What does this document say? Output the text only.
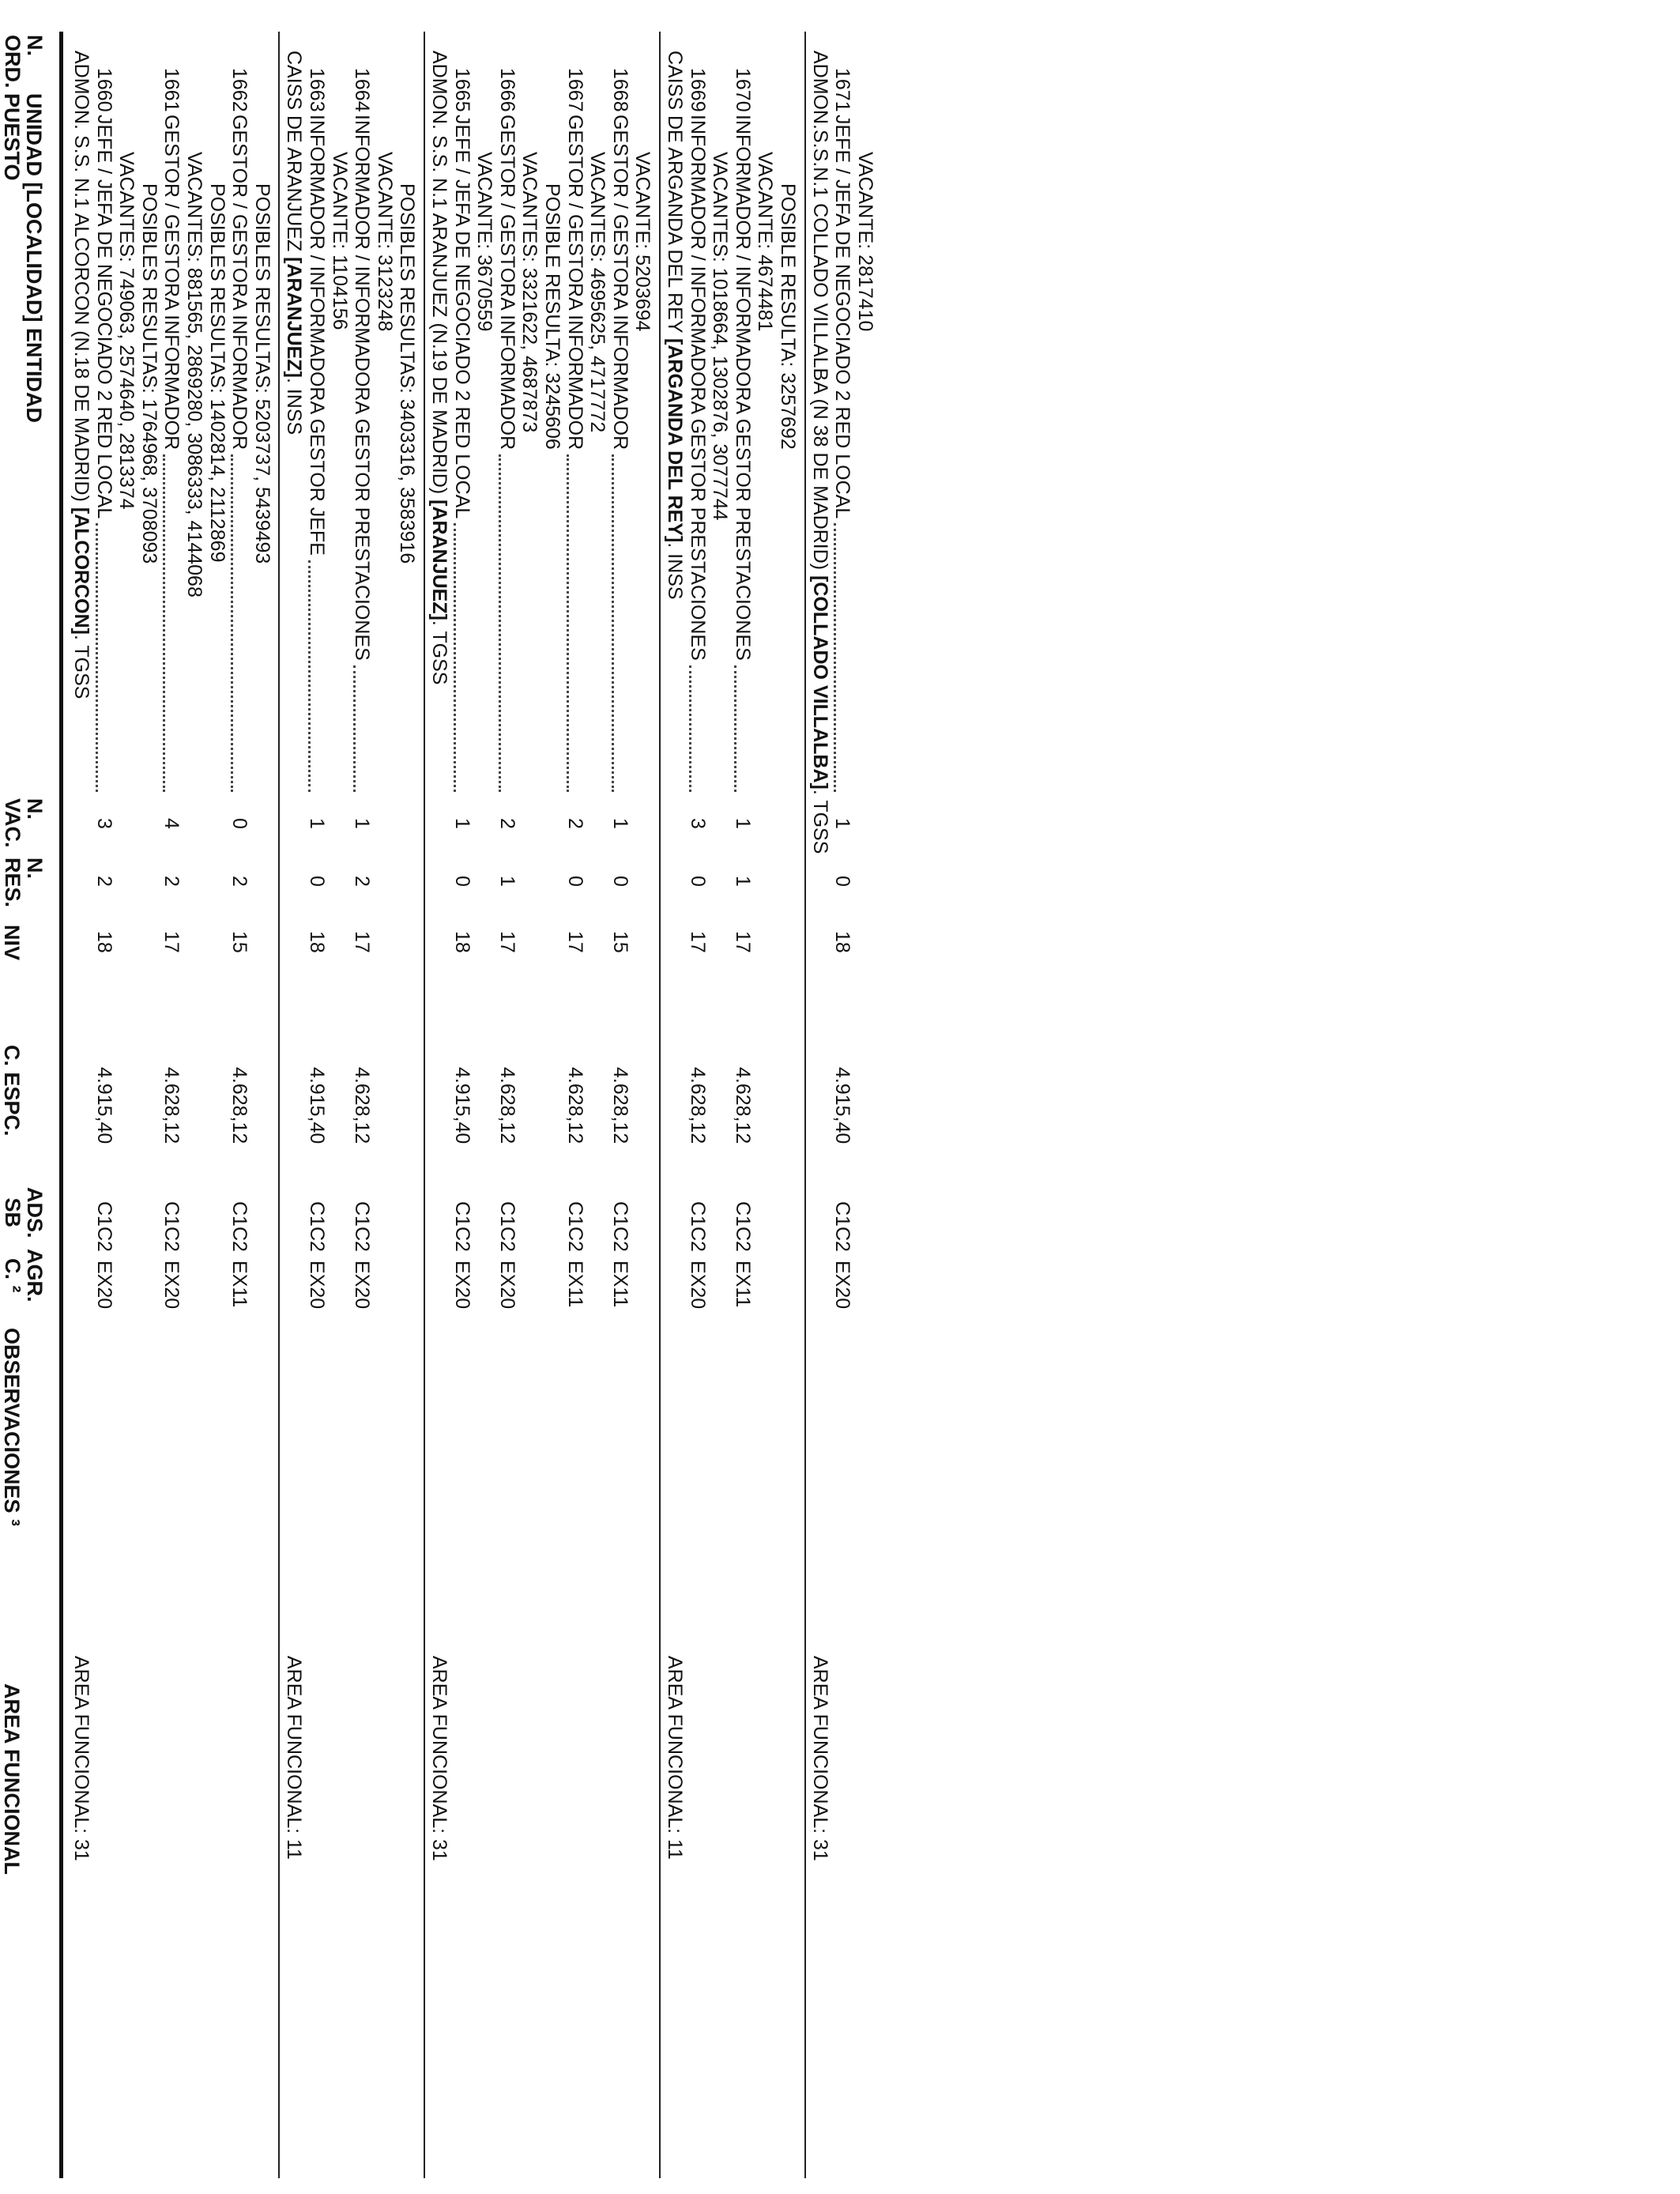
N.
ORD.
UNIDAD [LOCALIDAD] ENTIDAD
PUESTO
N.
VAC.
N.
RES.
NIV
C. ESPC.
ADS.
SB
AGR.
C. ²
OBSERVACIONES ³
AREA FUNCIONAL
ADMON. S.S. N.1 ALCORCON (N.18 DE MADRID) [ALCORCON]. TGSS
AREA FUNCIONAL: 31
1660
JEFE / JEFA DE NEGOCIADO 2 RED LOCAL
3
2
18
4.915,40
C1C2
EX20
VACANTES: 749063, 2574640, 2813374 POSIBLES RESULTAS: 1764968, 3708093
1661
GESTOR / GESTORA INFORMADOR
4
2
17
4.628,12
C1C2
EX20
VACANTES: 881565, 2869280, 3086333, 4144068 POSIBLES RESULTAS: 1402814, 2112869
1662
GESTOR / GESTORA INFORMADOR
0
2
15
4.628,12
C1C2
EX11
POSIBLES RESULTAS: 5203737, 5439493
CAISS DE ARANJUEZ [ARANJUEZ]. INSS
AREA FUNCIONAL: 11
1663
INFORMADOR / INFORMADORA GESTOR JEFE
1
0
18
4.915,40
C1C2
EX20
VACANTE: 1104156
1664
INFORMADOR / INFORMADORA GESTOR PRESTACIONES
1
2
17
4.628,12
C1C2
EX20
VACANTE: 3123248 POSIBLES RESULTAS: 3403316, 3583916 ADMON. S.S. N.1 ARANJUEZ (N.19 DE MADRID) [ARANJUEZ]. TGSS
AREA FUNCIONAL: 31
1665
JEFE / JEFA DE NEGOCIADO 2 RED LOCAL
1
0
18
4.915,40
C1C2
EX20
VACANTE: 3670559
1666
GESTOR / GESTORA INFORMADOR
2
1
17
4.628,12
C1C2
EX20
VACANTES: 3321622, 4687873 POSIBLE RESULTA: 3245606
1667
GESTOR / GESTORA INFORMADOR
2
0
17
4.628,12
C1C2
EX11
VACANTES: 4695625, 4717772
1668
GESTOR / GESTORA INFORMADOR
1
0
15
4.628,12
C1C2
EX11
VACANTE: 5203694 CAISS DE ARGANDA DEL REY [ARGANDA DEL REY]. INSS
AREA FUNCIONAL: 11
1669
INFORMADOR / INFORMADORA GESTOR PRESTACIONES
3
0
17
4.628,12
C1C2
EX20
VACANTES: 1018664, 1302876, 3077744
1670
INFORMADOR / INFORMADORA GESTOR PRESTACIONES
1
1
17
4.628,12
C1C2
EX11
VACANTE: 4674481 POSIBLE RESULTA: 3257692 ADMON.S.S.N.1 COLLADO VILLALBA (N 38 DE MADRID) [COLLADO VILLALBA]. TGSS
AREA FUNCIONAL: 31
1671
JEFE / JEFA DE NEGOCIADO 2 RED LOCAL
1
0
18
4.915,40
C1C2
EX20
VACANTE: 2817410
